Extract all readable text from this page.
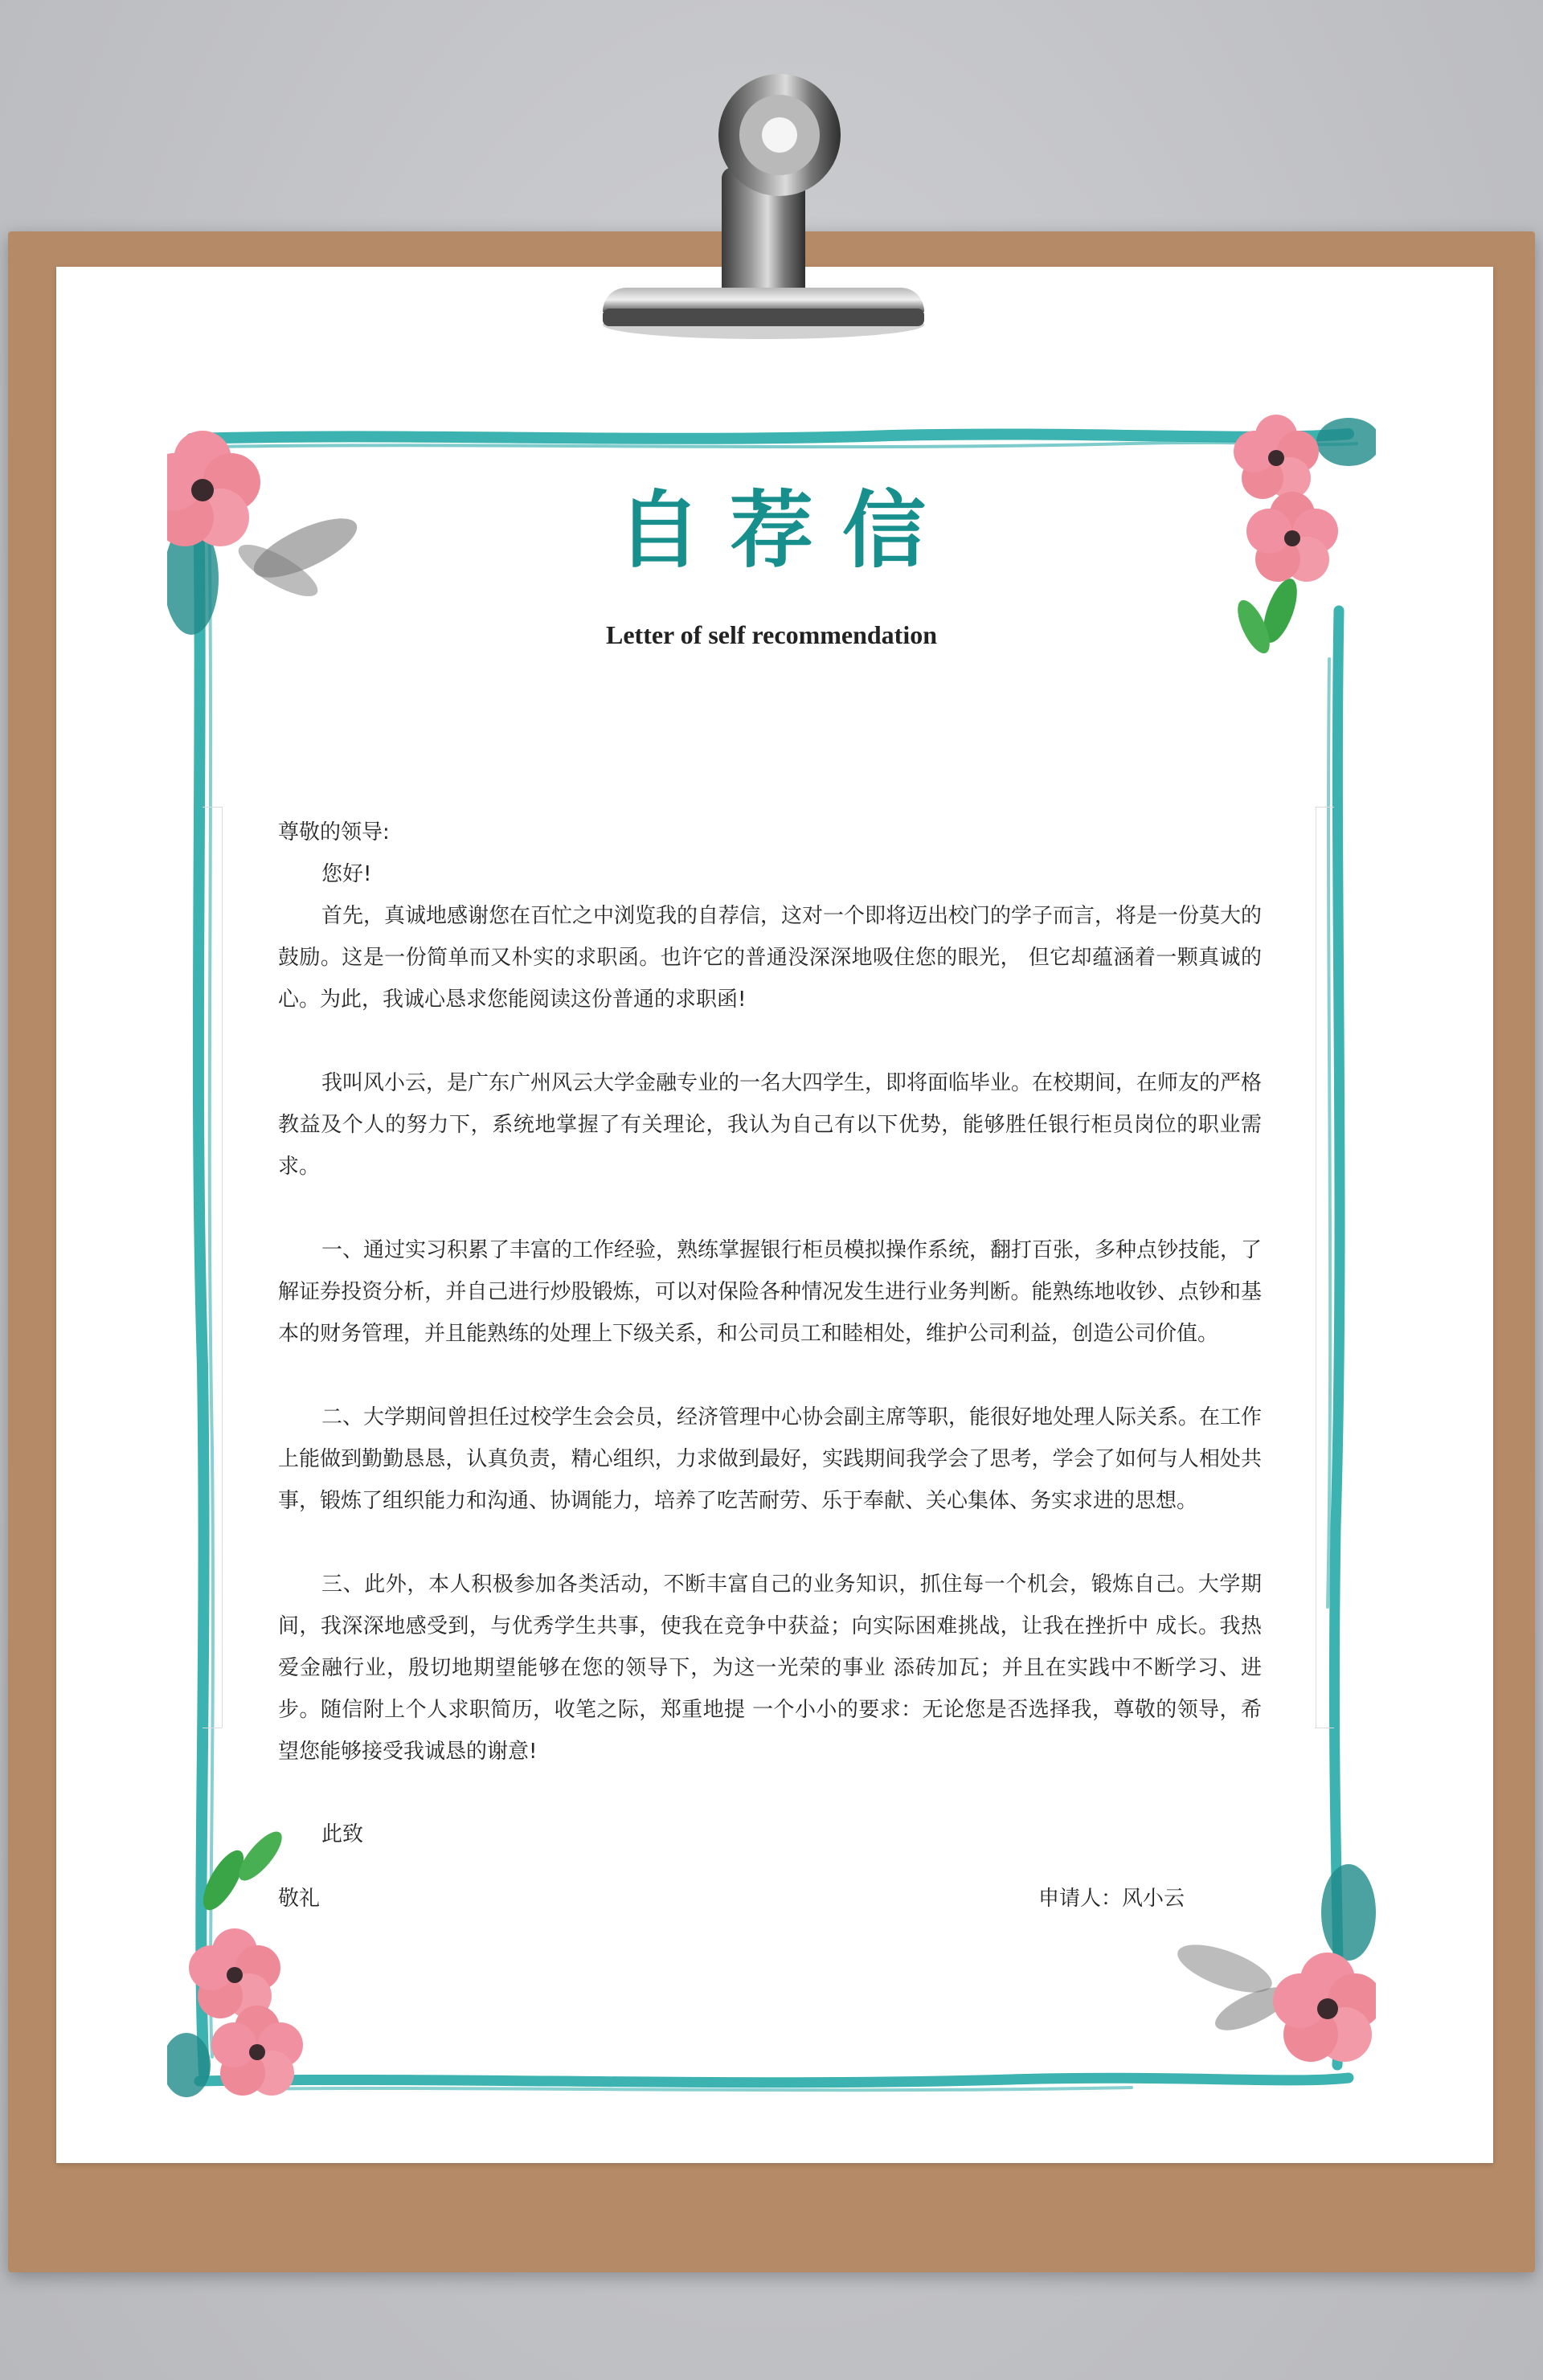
自荐信
Letter of self recommendation

尊敬的领导:

您好!

首先，真诚地感谢您在百忙之中浏览我的自荐信，这对一个即将迈出校门的学子而言，将是一份莫大的鼓励。这是一份简单而又朴实的求职函。也许它的普通没深深地吸住您的眼光， 但它却蕴涵着一颗真诚的心。为此，我诚心恳求您能阅读这份普通的求职函!

我叫风小云，是广东广州风云大学金融专业的一名大四学生，即将面临毕业。在校期间，在师友的严格 教益及个人的努力下，系统地掌握了有关理论，我认为自己有以下优势，能够胜任银行柜员岗位的职业需求。

一、通过实习积累了丰富的工作经验，熟练掌握银行柜员模拟操作系统，翻打百张，多种点钞技能，了解证券投资分析，并自己进行炒股锻炼，可以对保险各种情况发生进行业务判断。能熟练地收钞、点钞和基本的财务管理，并且能熟练的处理上下级关系，和公司员工和睦相处，维护公司利益，创造公司价值。

二、大学期间曾担任过校学生会会员，经济管理中心协会副主席等职，能很好地处理人际关系。在工作上能做到勤勤恳恳，认真负责，精心组织，力求做到最好，实践期间我学会了思考，学会了如何与人相处共事，锻炼了组织能力和沟通、协调能力，培养了吃苦耐劳、乐于奉献、关心集体、务实求进的思想。

三、此外，本人积极参加各类活动，不断丰富自己的业务知识，抓住每一个机会，锻炼自己。大学期间，我深深地感受到，与优秀学生共事，使我在竞争中获益；向实际困难挑战，让我在挫折中 成长。我热爱金融行业，殷切地期望能够在您的领导下，为这一光荣的事业 添砖加瓦；并且在实践中不断学习、进步。随信附上个人求职简历，收笔之际，郑重地提 一个小小的要求：无论您是否选择我，尊敬的领导，希望您能够接受我诚恳的谢意!

此致
敬礼	申请人：风小云
